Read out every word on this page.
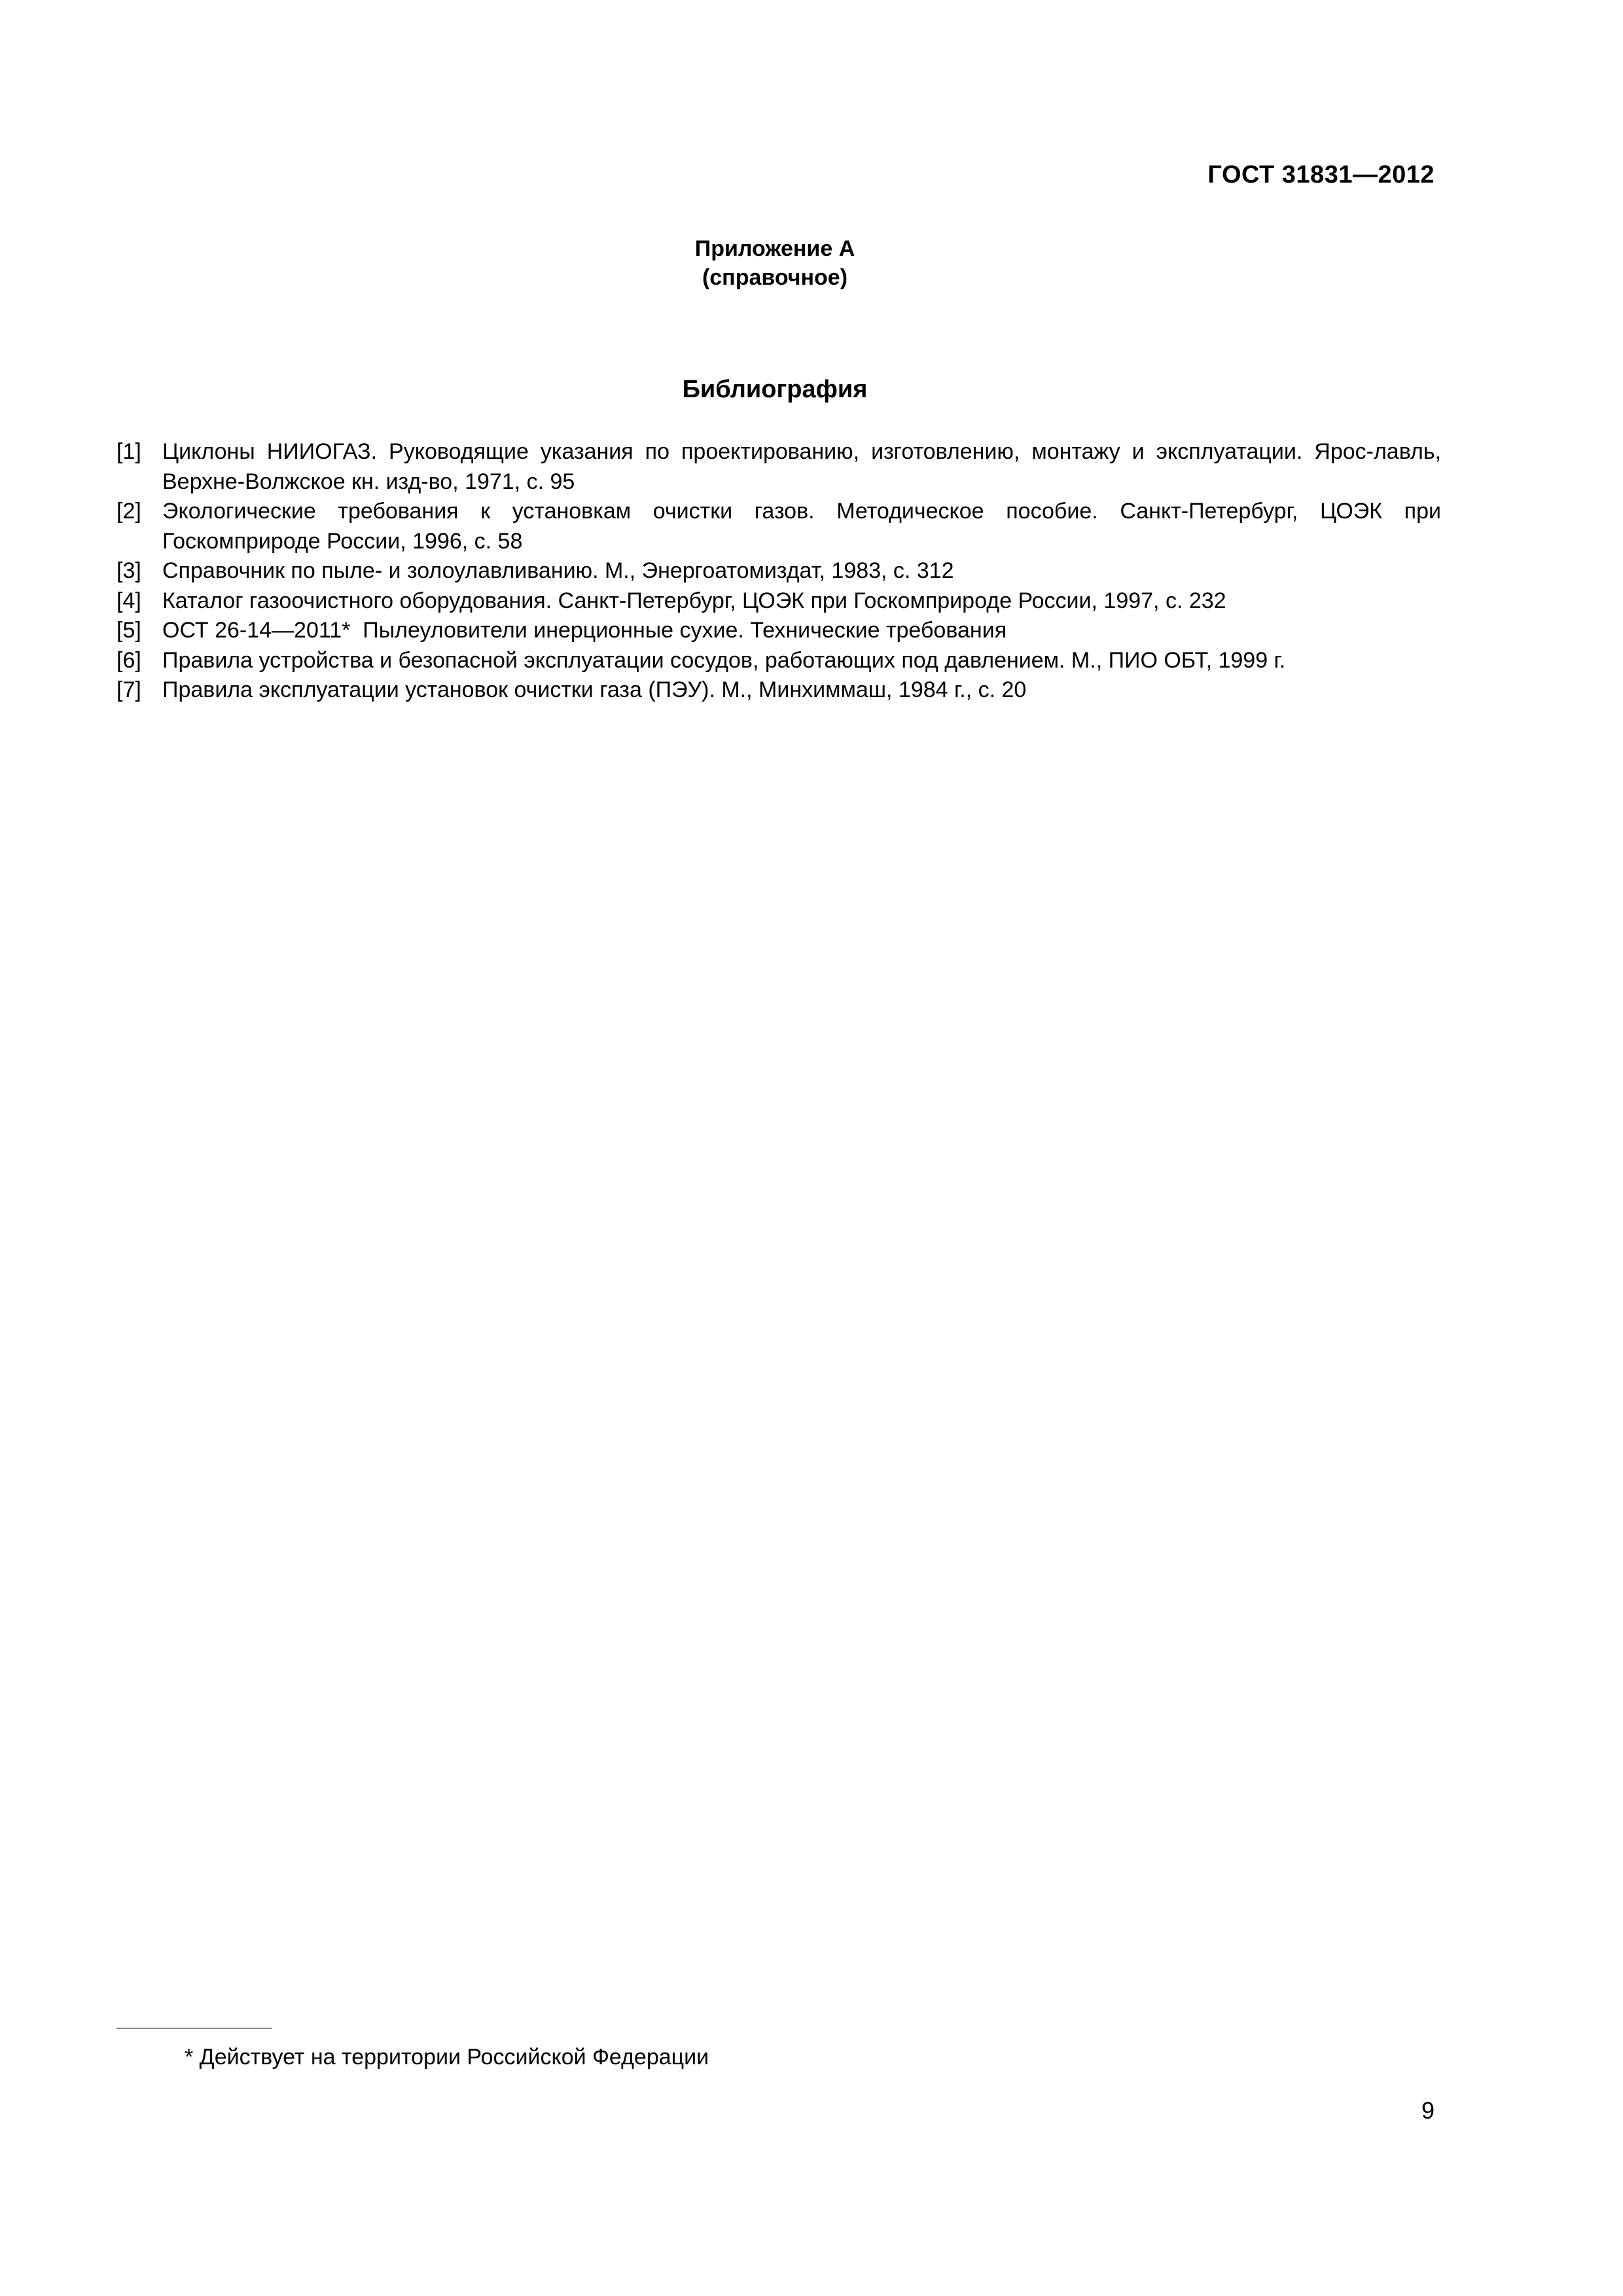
ГОСТ 31831—2012
Приложение А
(справочное)
Библиография
[1] Циклоны НИИОГАЗ. Руководящие указания по проектированию, изготовлению, монтажу и эксплуатации. Ярос-лавль, Верхне-Волжское кн. изд-во, 1971, с. 95
[2] Экологические требования к установкам очистки газов. Методическое пособие. Санкт-Петербург, ЦОЭК при Госкомприроде России, 1996, с. 58
[3] Справочник по пыле- и золоулавливанию. М., Энергоатомиздат, 1983, с. 312
[4] Каталог газоочистного оборудования. Санкт-Петербург, ЦОЭК при Госкомприроде России, 1997, с. 232
[5] ОСТ 26-14—2011*  Пылеуловители инерционные сухие. Технические требования
[6] Правила устройства и безопасной эксплуатации сосудов, работающих под давлением. М., ПИО ОБТ, 1999 г.
[7] Правила эксплуатации установок очистки газа (ПЭУ). М., Минхиммаш, 1984 г., с. 20
* Действует на территории Российской Федерации
9
